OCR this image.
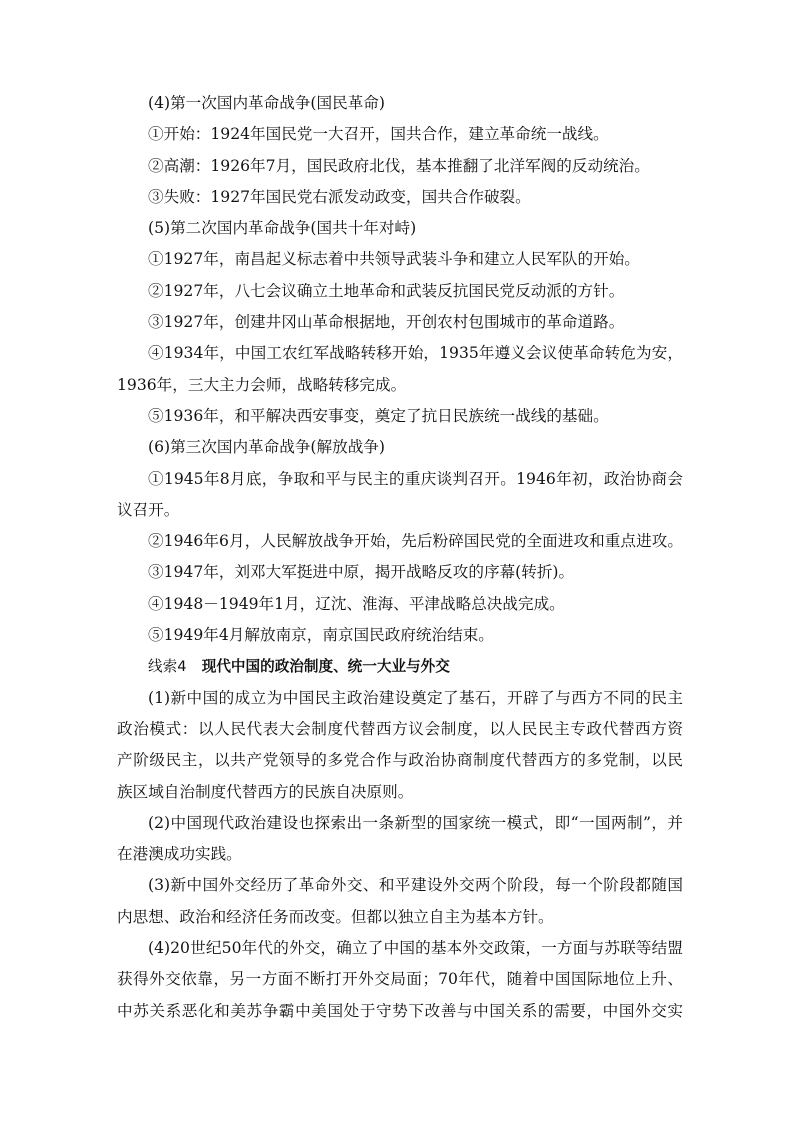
(4)第一次国内革命战争(国民革命)
①开始：1924年国民党一大召开，国共合作，建立革命统一战线。
②高潮：1926年7月，国民政府北伐，基本推翻了北洋军阀的反动统治。
③失败：1927年国民党右派发动政变，国共合作破裂。
(5)第二次国内革命战争(国共十年对峙)
①1927年，南昌起义标志着中共领导武装斗争和建立人民军队的开始。
②1927年，八七会议确立土地革命和武装反抗国民党反动派的方针。
③1927年，创建井冈山革命根据地，开创农村包围城市的革命道路。
④1934年，中国工农红军战略转移开始，1935年遵义会议使革命转危为安，
1936年，三大主力会师，战略转移完成。
⑤1936年，和平解决西安事变，奠定了抗日民族统一战线的基础。
(6)第三次国内革命战争(解放战争)
①1945年8月底，争取和平与民主的重庆谈判召开。1946年初，政治协商会
议召开。
②1946年6月，人民解放战争开始，先后粉碎国民党的全面进攻和重点进攻。
③1947年，刘邓大军挺进中原，揭开战略反攻的序幕(转折)。
④1948－1949年1月，辽沈、淮海、平津战略总决战完成。
⑤1949年4月解放南京，南京国民政府统治结束。
线索4 现代中国的政治制度、统一大业与外交
(1)新中国的成立为中国民主政治建设奠定了基石，开辟了与西方不同的民主
政治模式：以人民代表大会制度代替西方议会制度，以人民民主专政代替西方资
产阶级民主，以共产党领导的多党合作与政治协商制度代替西方的多党制，以民
族区域自治制度代替西方的民族自决原则。
(2)中国现代政治建设也探索出一条新型的国家统一模式，即“一国两制”，并
在港澳成功实践。
(3)新中国外交经历了革命外交、和平建设外交两个阶段，每一个阶段都随国
内思想、政治和经济任务而改变。但都以独立自主为基本方针。
(4)20世纪50年代的外交，确立了中国的基本外交政策，一方面与苏联等结盟
获得外交依靠，另一方面不断打开外交局面；70年代，随着中国国际地位上升、
中苏关系恶化和美苏争霸中美国处于守势下改善与中国关系的需要，中国外交实
